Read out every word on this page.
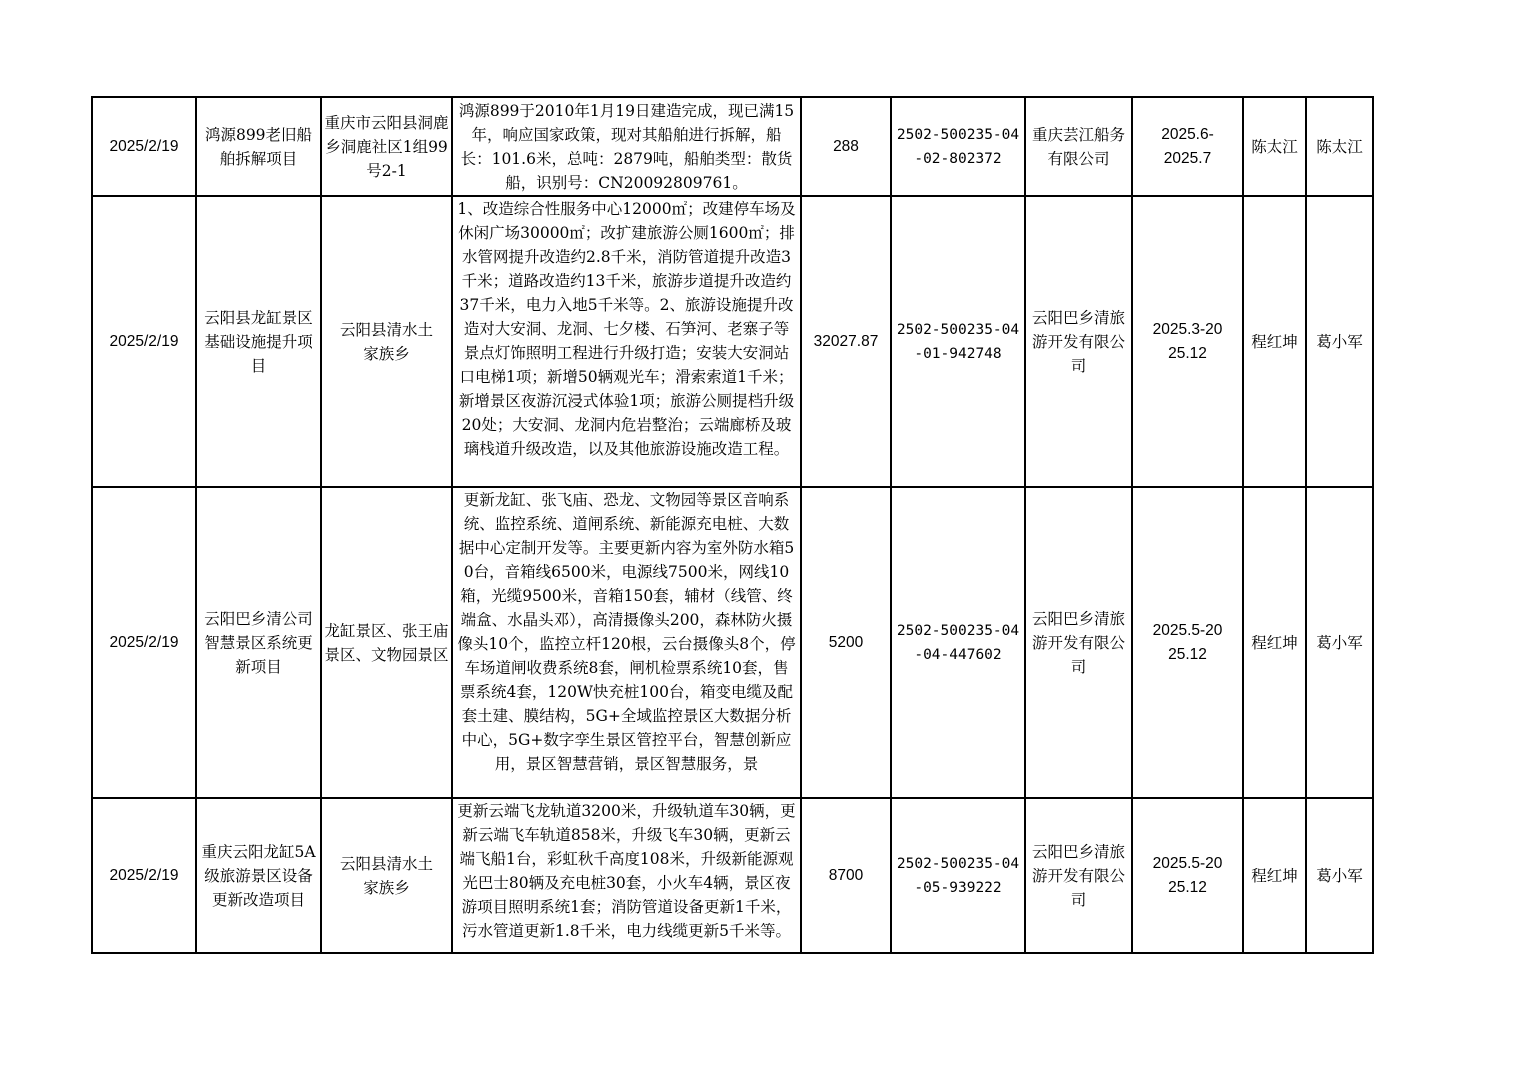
2025/2/19	鸿源899老旧船舶拆解项目	重庆市云阳县洞鹿乡洞鹿社区1组99号2-1	鸿源899于2010年1月19日建造完成，现已满15年，响应国家政策，现对其船舶进行拆解，船长：101.6米，总吨：2879吨，船舶类型：散货船，识别号：CN20092809761。	288	2502-500235-04-02-802372	重庆芸江船务有限公司	2025.6-2025.7	陈太江	陈太江

2025/2/19	云阳县龙缸景区基础设施提升项目	云阳县清水土家族乡	1、改造综合性服务中心12000㎡；改建停车场及休闲广场30000㎡；改扩建旅游公厕1600㎡；排水管网提升改造约2.8千米，消防管道提升改造3千米；道路改造约13千米，旅游步道提升改造约37千米，电力入地5千米等。2、旅游设施提升改造对大安洞、龙洞、七夕楼、石笋河、老寨子等景点灯饰照明工程进行升级打造；安装大安洞站口电梯1项；新增50辆观光车；滑索索道1千米；新增景区夜游沉浸式体验1项；旅游公厕提档升级20处；大安洞、龙洞内危岩整治；云端廊桥及玻璃栈道升级改造，以及其他旅游设施改造工程。	32027.87	2502-500235-04-01-942748	云阳巴乡清旅游开发有限公司	2025.3-2025.12	程红坤	葛小军

2025/2/19	云阳巴乡清公司智慧景区系统更新项目	龙缸景区、张王庙景区、文物园景区	更新龙缸、张飞庙、恐龙、文物园等景区音响系统、监控系统、道闸系统、新能源充电桩、大数据中心定制开发等。主要更新内容为室外防水箱50台，音箱线6500米，电源线7500米，网线10箱，光缆9500米，音箱150套，辅材（线管、终端盒、水晶头邓），高清摄像头200，森林防火摄像头10个，监控立杆120根，云台摄像头8个，停车场道闸收费系统8套，闸机检票系统10套，售票系统4套，120W快充桩100台，箱变电缆及配套土建、膜结构，5G+全域监控景区大数据分析中心，5G+数字孪生景区管控平台，智慧创新应用，景区智慧营销，景区智慧服务，景	5200	2502-500235-04-04-447602	云阳巴乡清旅游开发有限公司	2025.5-2025.12	程红坤	葛小军

2025/2/19	重庆云阳龙缸5A级旅游景区设备更新改造项目	云阳县清水土家族乡	更新云端飞龙轨道3200米，升级轨道车30辆，更新云端飞车轨道858米，升级飞车30辆，更新云端飞船1台，彩虹秋千高度108米，升级新能源观光巴士80辆及充电桩30套，小火车4辆，景区夜游项目照明系统1套；消防管道设备更新1千米，污水管道更新1.8千米，电力线缆更新5千米等。	8700	2502-500235-04-05-939222	云阳巴乡清旅游开发有限公司	2025.5-2025.12	程红坤	葛小军
